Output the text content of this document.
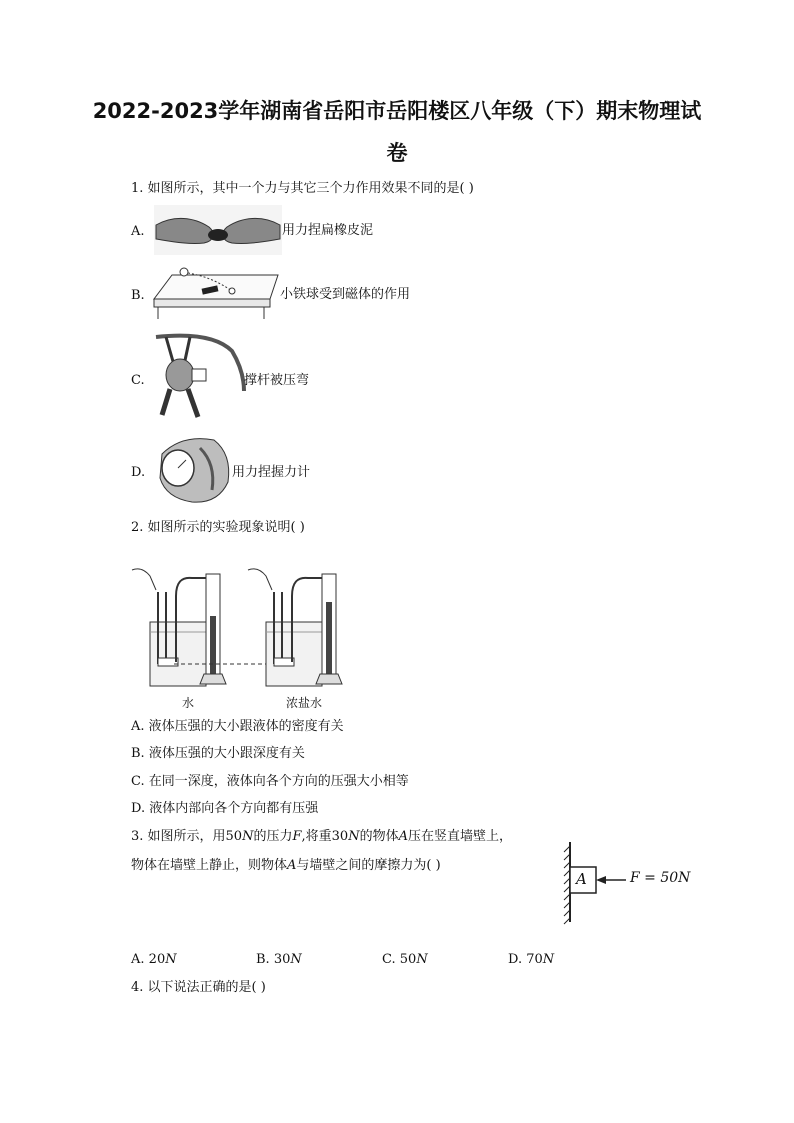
2022-2023学年湖南省岳阳市岳阳楼区八年级（下）期末物理试
卷
1. 如图所示，其中一个力与其它三个力作用效果不同的是( )
A.	用力捏扁橡皮泥
B.	小铁球受到磁体的作用
C.	撑杆被压弯
D.	用力捏握力计
2. 如图所示的实验现象说明( )
水	浓盐水
A. 液体压强的大小跟液体的密度有关
B. 液体压强的大小跟深度有关
C. 在同一深度，液体向各个方向的压强大小相等
D. 液体内部向各个方向都有压强
3. 如图所示，用50N的压力F,将重30N的物体A压在竖直墙壁上，
物体在墙壁上静止，则物体A与墙壁之间的摩擦力为( )
A	F = 50N
A. 20N	B. 30N	C. 50N	D. 70N
4. 以下说法正确的是( )
